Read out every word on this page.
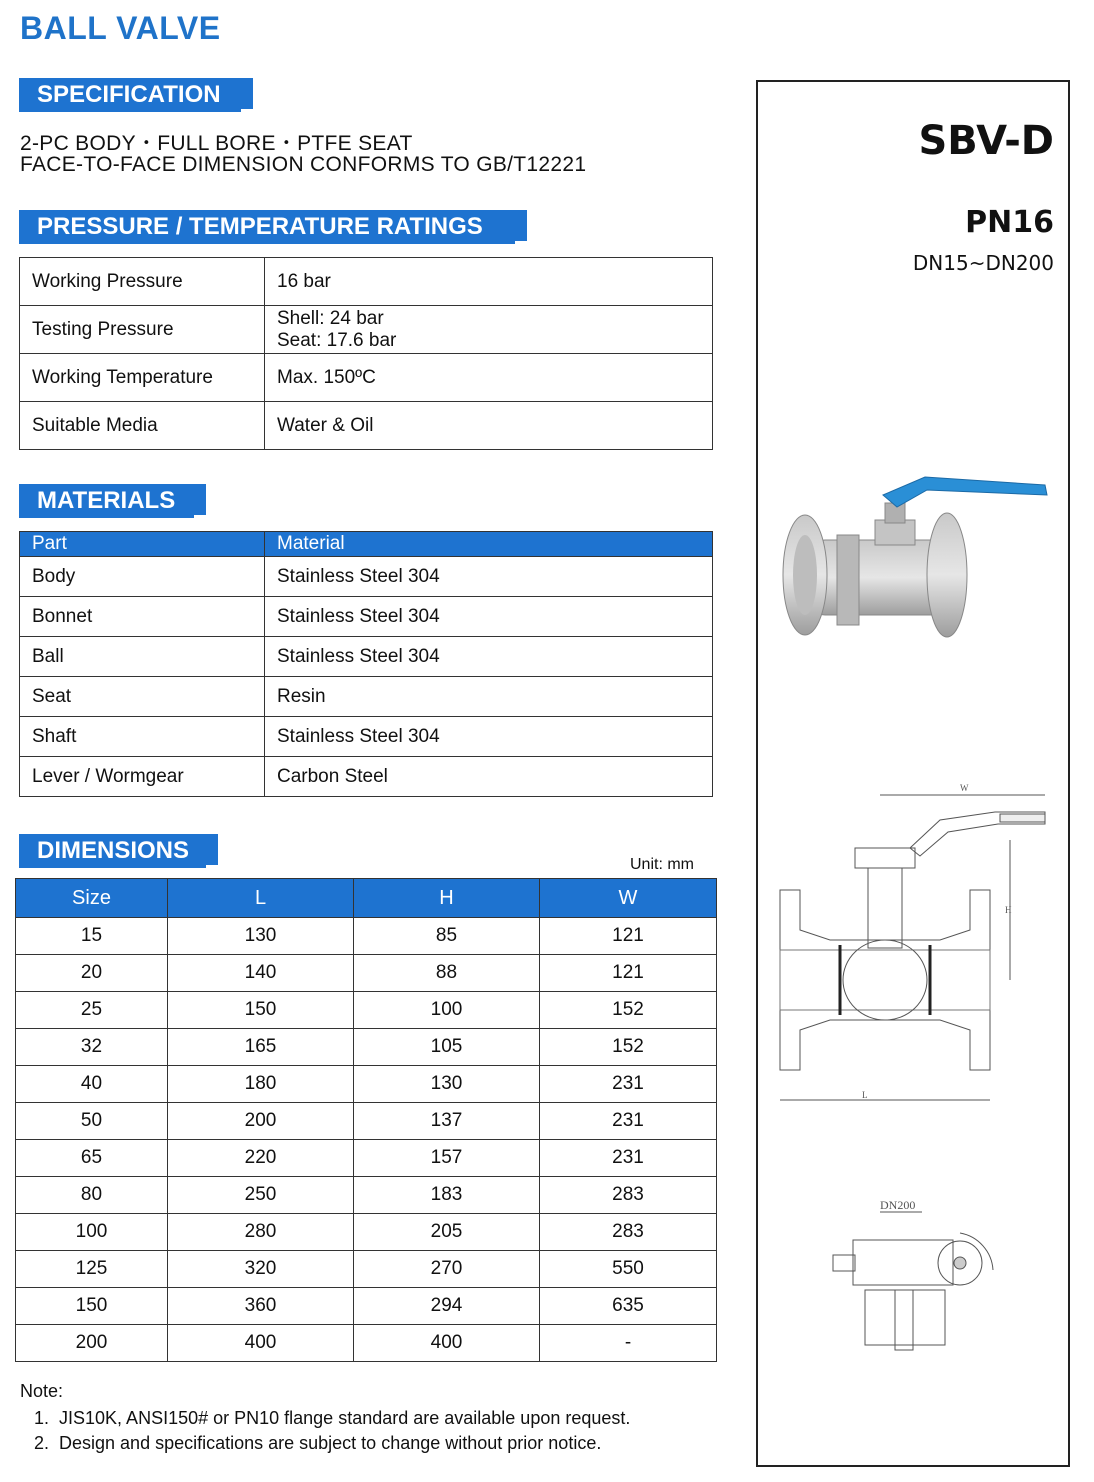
BALL VALVE
SPECIFICATION
2-PC BODY・FULL BORE・PTFE SEAT
FACE-TO-FACE DIMENSION CONFORMS TO GB/T12221
PRESSURE / TEMPERATURE RATINGS
Working Pressure	16 bar
Testing Pressure	Shell: 24 bar
Seat: 17.6 bar

Working Temperature	Max. 150ºC
Suitable Media	Water & Oil
MATERIALS
Part	Material
Body	Stainless Steel 304
Bonnet	Stainless Steel 304
Ball	Stainless Steel 304
Seat	Resin
Shaft	Stainless Steel 304
Lever / Wormgear	Carbon Steel
DIMENSIONS
Unit: mm
Size	L	H	W
15	130	85	121
20	140	88	121
25	150	100	152
32	165	105	152
40	180	130	231
50	200	137	231
65	220	157	231
80	250	183	283
100	280	205	283
125	320	270	550
150	360	294	635
200	400	400	-
Note:
1.  JIS10K, ANSI150# or PN10 flange standard are available upon request.
2.  Design and specifications are subject to change without prior notice.
SBV-D
PN16
DN15~DN200
W
H
L
DN200
